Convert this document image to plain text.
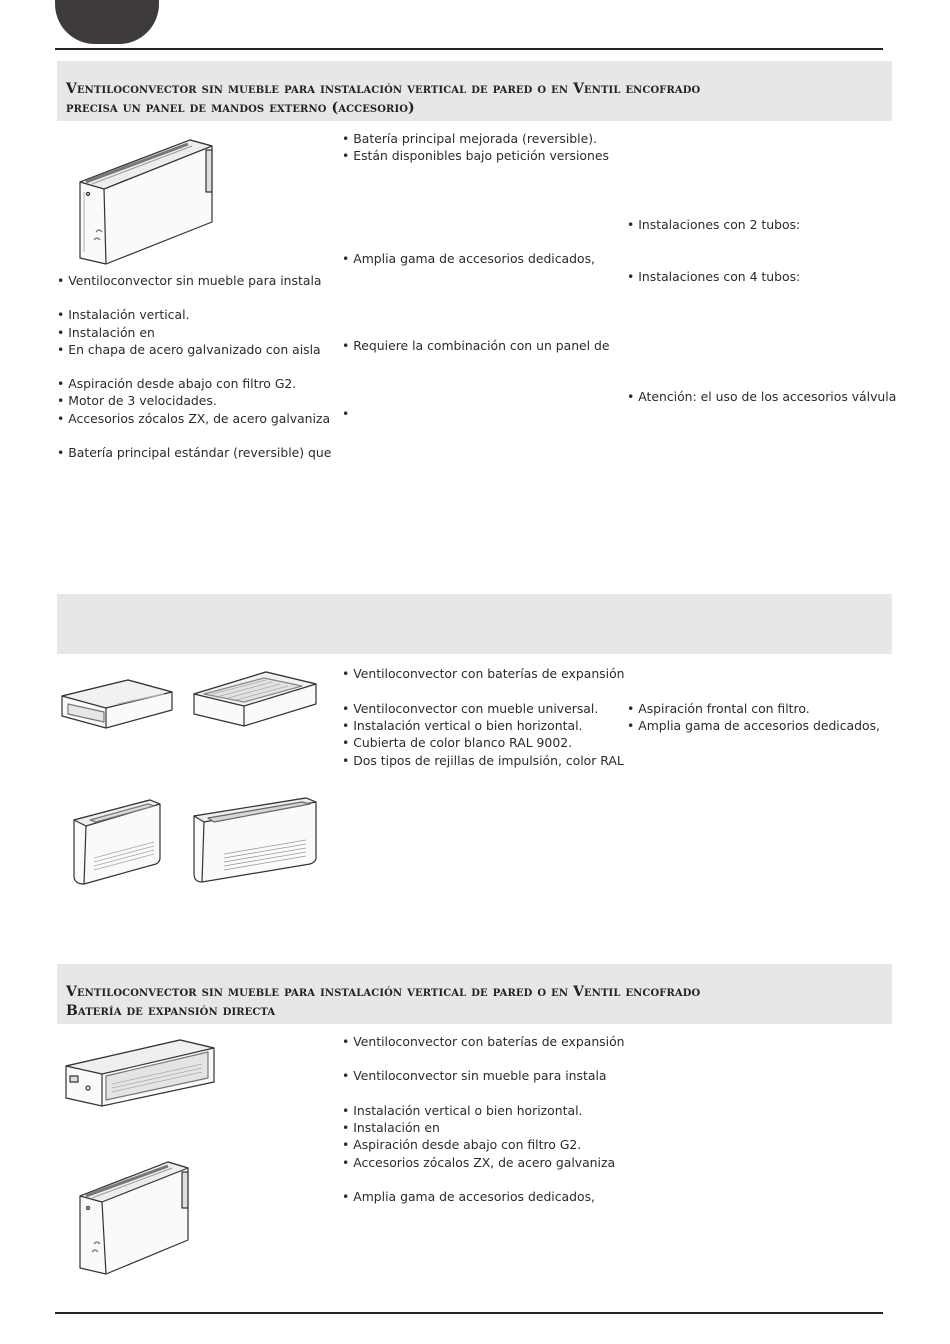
Ventiloconvector sin mueble para instalación vertical de pared o en Ventil encofrado
precisa un panel de mandos externo (accesorio)
• Ventiloconvector sin mueble para instala
• Instalación vertical.
• Instalación en
• En chapa de acero galvanizado con aisla
• Aspiración desde abajo con filtro G2.
• Motor de 3 velocidades.
• Accesorios zócalos ZX, de acero galvaniza
• Batería principal estándar (reversible) que
• Batería principal mejorada (reversible).
• Están disponibles bajo petición versiones
• Amplia gama de accesorios dedicados,
• Requiere la combinación con un panel de
•
• Instalaciones con 2 tubos:
• Instalaciones con 4 tubos:
• Atención: el uso de los accesorios válvula
• Ventiloconvector con baterías de expansión
• Ventiloconvector con mueble universal.
• Instalación vertical o bien horizontal.
• Cubierta de color blanco RAL 9002.
• Dos tipos de rejillas de impulsión, color RAL
• Aspiración frontal con filtro.
• Amplia gama de accesorios dedicados,
Ventiloconvector sin mueble para instalación vertical de pared o en Ventil encofrado
Batería de expansión directa
• Ventiloconvector con baterías de expansión
• Ventiloconvector sin mueble para instala
• Instalación vertical o bien horizontal.
• Instalación en
• Aspiración desde abajo con filtro G2.
• Accesorios zócalos ZX, de acero galvaniza
• Amplia gama de accesorios dedicados,
